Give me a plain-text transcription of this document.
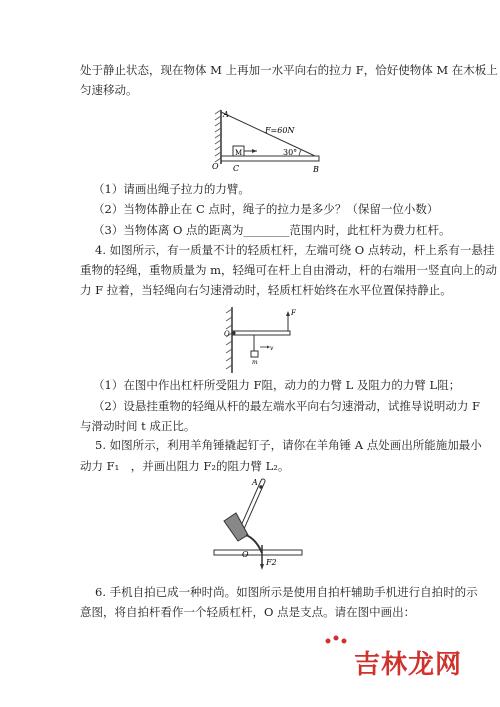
处于静止状态，现在物体 M 上再加一水平向右的拉力 F，恰好使物体 M 在木板上
匀速移动。
A
F=60N
M
O C	B
30°
（1）请画出绳子拉力的力臂。
（2）当物体静止在 C 点时，绳子的拉力是多少？（保留一位小数）
（3）当物体离 O 点的距离为________范围内时，此杠杆为费力杠杆。
4. 如图所示，有一质量不计的轻质杠杆，左端可绕 O 点转动，杆上系有一悬挂
重物的轻绳，重物质量为 m，轻绳可在杆上自由滑动，杆的右端用一竖直向上的动
力 F 拉着，当轻绳向右匀速滑动时，轻质杠杆始终在水平位置保持静止。
O
F
m
v
（1）在图中作出杠杆所受阻力 F阻，动力的力臂 L 及阻力的力臂 L阻；
（2）设悬挂重物的轻绳从杆的最左端水平向右匀速滑动，试推导说明动力 F
与滑动时间 t 成正比。
5. 如图所示，利用羊角锤撬起钉子，请你在羊角锤 A 点处画出所能施加最小
动力 F₁　，并画出阻力 F₂的阻力臂 L₂。
A
O
F2
6. 手机自拍已成一种时尚。如图所示是使用自拍杆辅助手机进行自拍时的示
意图，将自拍杆看作一个轻质杠杆，O 点是支点。请在图中画出：
吉林龙网
